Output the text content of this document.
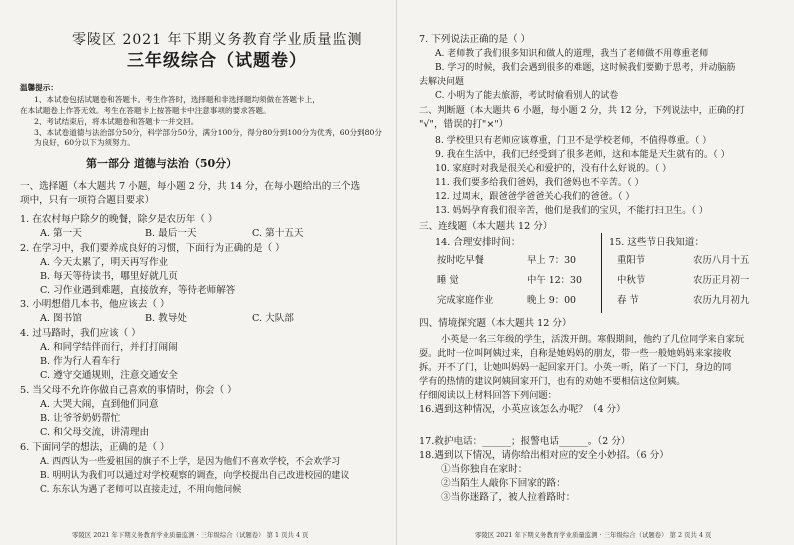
零陵区 2021 年下期义务教育学业质量监测
三年级综合（试题卷）
温馨提示：
1、本试卷包括试题卷和答题卡。考生作答时，选择题和非选择题均须做在答题卡上，
在本试题卷上作答无效。考生在答题卡上按答题卡中注意事项的要求答题。
2、考试结束后，将本试题卷和答题卡一并交回。
3、本试卷道德与法治部分50分，科学部分50分，满分100分，得分80分到100分为优秀，60分到80分为良好，60分以下为须努力。
第一部分 道德与法治（50分）
一、选择题（本大题共 7 小题，每小题 2 分，共 14 分，在每小题给出的三个选
项中，只有一项符合题目要求）
1. 在农村每户除夕的晚餐，除夕是农历年（ ）
A. 第一天	B. 最后一天	C. 第十五天
2. 在学习中，我们要养成良好的习惯，下面行为正确的是（ ）
A. 今天太累了，明天再写作业
B. 每天等待读书，哪里好就几页
C. 习作业遇到难题，直接放弃，等待老师解答
3. 小明想借几本书，他应该去（ ）
A. 图书馆	B. 教导处	C. 大队部
4. 过马路时，我们应该（ ）
A. 和同学结伴而行，并打打闹闹
B. 作为行人看车行
C. 遵守交通规则，注意交通安全
5. 当父母不允许你做自己喜欢的事情时，你会（ ）
A. 大哭大闹，直到他们同意
B. 让爷爷奶奶帮忙
C. 和父母交流，讲清理由
6. 下面同学的想法，正确的是（ ）
A. 西西认为一些爱祖国的旗子不上学，是因为他们不喜欢学校，不会欢学习
B. 明明认为我们可以通过对学校观察的调查，向学校提出自己改进校园的建议
C. 东东认为遇了老师可以直接走过，不用向他问候
零陵区 2021 年下期义务教育学业质量监测 · 三年级综合（试题卷） 第 1 页共 4 页
7. 下列说法正确的是（ ）
A. 老师教了我们很多知识和做人的道理，我当了老师做不用尊重老师
B. 学习的时候，我们会遇到很多的难题，这时候我们要勤于思考，并动脑筋
去解决问题
C. 小明为了能去旅游，考试时偷看别人的试卷
二、判断题（本大题共 6 小题，每小题 2 分，共 12 分，下列说法中，正确的打
"√"，错误的打"×"）
8. 学校里只有老师应该尊重，门卫不是学校老师，不值得尊重。（ ）
9. 我在生活中，我们已经受到了很多老师，这和本能是天生就有的。（ ）
10. 家庭时对我是很关心和爱护的，没有什么好说的。（ ）
11. 我们要多给我们爸妈，我们爸妈也不辛苦。（ ）
12. 过周末，跟爸爸学爸爸关心我们的爸爸。（ ）
13. 妈妈孕育我们很辛苦，他们是我们的宝贝，不能打扫卫生。（ ）
三、连线题（本大题共 12 分）
14. 合理安排时间：	15. 这些节日我知道：
按时吃早餐	早上 7：30
睡 觉	中午 12：30
完成家庭作业	晚上 9：00
重阳节	农历八月十五
中秋节	农历正月初一
春 节	农历九月初九
四、情境探究题（本大题共 12 分）
小英是一名三年级的学生，活泼开朗。寒假期间，他约了几位同学来自家玩
耍。此时一位叫阿姨过来，自称是她妈妈的朋友，带一些一般她妈妈来家接收
拆。开不了门，让她叫妈妈一起回家开门。小英一听，陷了一下门，身边的同
学有的热情的建议阿姨回家开门，也有的劝她不要相信这位阿姨。
仔细阅读以上材料回答下列问题：
16.遇到这种情况，小英应该怎么办呢？（4 分）
17.救护电话：______；报警电话______。（2 分）
18.遇到以下情况，请你给出相对应的安全小妙招。（6 分）
①当你独自在家时：
②当陌生人敲你下回家的路：
③当你迷路了，被人拉着路时：
零陵区 2021 年下期义务教育学业质量监测 · 三年级综合（试题卷） 第 2 页共 4 页
